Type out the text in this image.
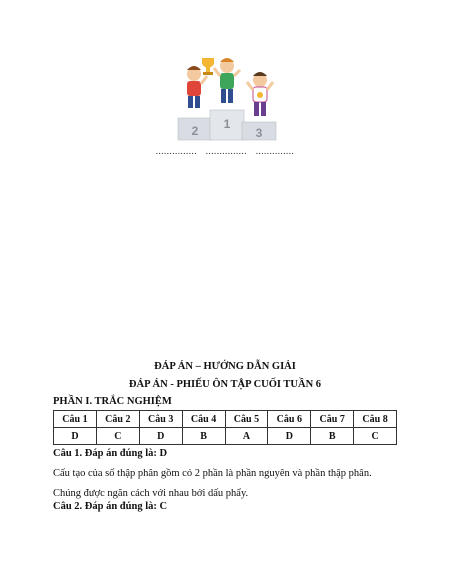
2 1
3
............... ............... ..............
ĐÁP ÁN – HƯỚNG DẪN GIẢI
ĐÁP ÁN - PHIẾU ÔN TẬP CUỐI TUẦN 6
PHẦN I. TRẮC NGHIỆM
Câu 1	Câu 2	Câu 3	Câu 4	Câu 5	Câu 6	Câu 7	Câu 8
D	C	D	B	A	D	B	C
Câu 1. Đáp án đúng là: D
Cấu tạo của số thập phân gồm có 2 phần là phần nguyên và phần thập phân. Chúng được ngăn cách với nhau bởi dấu phẩy.
Câu 2. Đáp án đúng là: C
